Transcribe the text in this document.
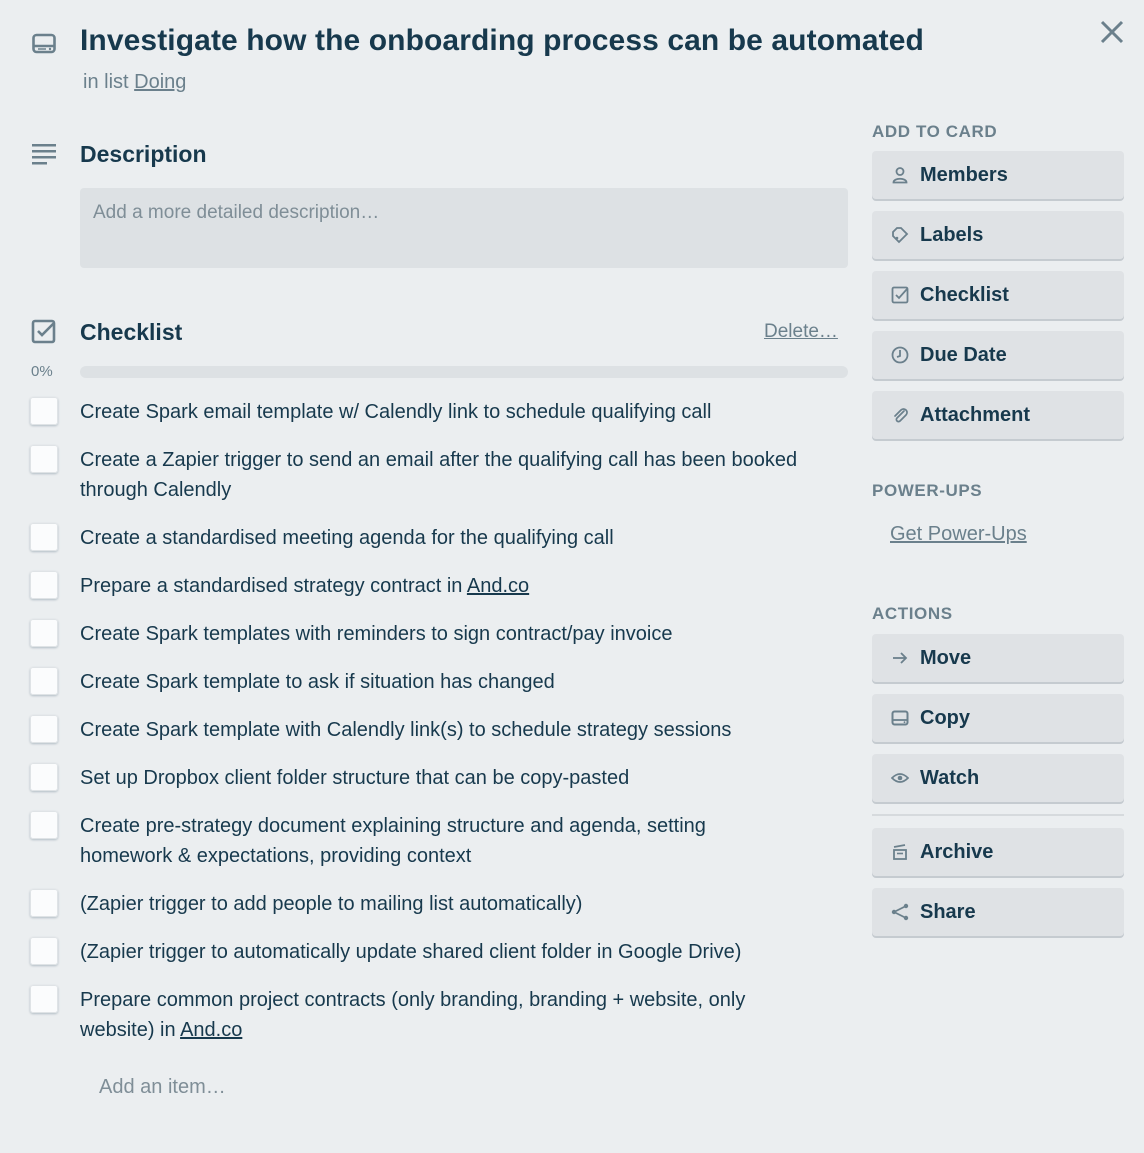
Investigate how the onboarding process can be automated
in list Doing
Description
Add a more detailed description…
Checklist	Delete…
0%
Create Spark email template w/ Calendly link to schedule qualifying call
Create a Zapier trigger to send an email after the qualifying call has been booked through Calendly
Create a standardised meeting agenda for the qualifying call
Prepare a standardised strategy contract in And.co
Create Spark templates with reminders to sign contract/pay invoice
Create Spark template to ask if situation has changed
Create Spark template with Calendly link(s) to schedule strategy sessions
Set up Dropbox client folder structure that can be copy-pasted
Create pre-strategy document explaining structure and agenda, setting homework & expectations, providing context
(Zapier trigger to add people to mailing list automatically)
(Zapier trigger to automatically update shared client folder in Google Drive)
Prepare common project contracts (only branding, branding + website, only website) in And.co
Add an item…
ADD TO CARD
Members
Labels
Checklist
Due Date
Attachment
POWER-UPS
Get Power-Ups
ACTIONS
Move
Copy
Watch
Archive
Share
